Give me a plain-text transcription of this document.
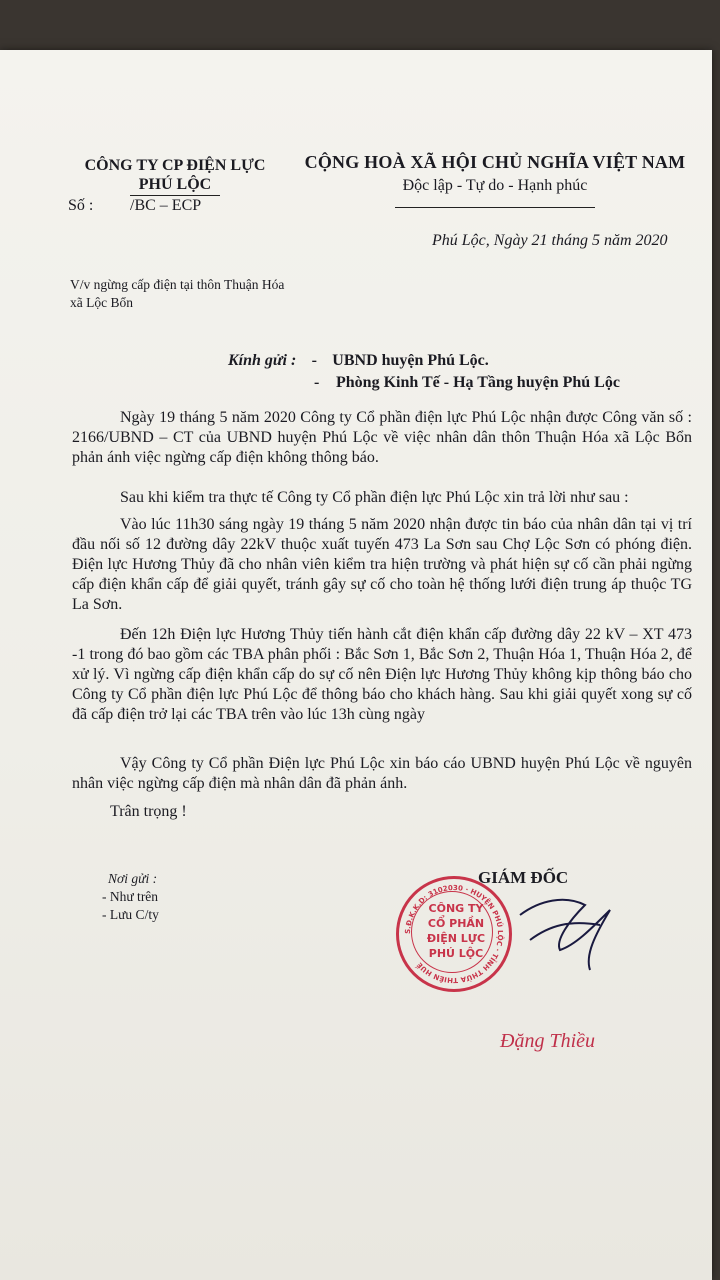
CÔNG TY CP ĐIỆN LỰC
PHÚ LỘC
Số : /BC – ECP
CỘNG HOÀ XÃ HỘI CHỦ NGHĨA VIỆT NAM
Độc lập - Tự do - Hạnh phúc
Phú Lộc, Ngày 21 tháng 5 năm 2020
V/v ngừng cấp điện tại thôn Thuận Hóa
xã Lộc Bổn
Kính gửi : - UBND huyện Phú Lộc.
- Phòng Kinh Tế - Hạ Tầng huyện Phú Lộc
Ngày 19 tháng 5 năm 2020 Công ty Cổ phần điện lực Phú Lộc nhận được Công văn số : 2166/UBND – CT của UBND huyện Phú Lộc về việc nhân dân thôn Thuận Hóa xã Lộc Bổn phản ánh việc ngừng cấp điện không thông báo.
Sau khi kiểm tra thực tế Công ty Cổ phần điện lực Phú Lộc xin trả lời như sau :
Vào lúc 11h30 sáng ngày 19 tháng 5 năm 2020 nhận được tin báo của nhân dân tại vị trí đầu nối số 12 đường dây 22kV thuộc xuất tuyến 473 La Sơn sau Chợ Lộc Sơn có phóng điện. Điện lực Hương Thủy đã cho nhân viên kiểm tra hiện trường và phát hiện sự cố cần phải ngừng cấp điện khẩn cấp để giải quyết, tránh gây sự cố cho toàn hệ thống lưới điện trung áp thuộc TG La Sơn.
Đến 12h Điện lực Hương Thủy tiến hành cắt điện khẩn cấp đường dây 22 kV – XT 473 -1 trong đó bao gồm các TBA phân phối : Bắc Sơn 1, Bắc Sơn 2, Thuận Hóa 1, Thuận Hóa 2, để xử lý. Vì ngừng cấp điện khẩn cấp do sự cố nên Điện lực Hương Thủy không kịp thông báo cho Công ty Cổ phần điện lực Phú Lộc để thông báo cho khách hàng. Sau khi giải quyết xong sự cố đã cấp điện trở lại các TBA trên vào lúc 13h cùng ngày
Vậy Công ty Cổ phần Điện lực Phú Lộc xin báo cáo UBND huyện Phú Lộc về nguyên nhân việc ngừng cấp điện mà nhân dân đã phản ánh.
Trân trọng !
Nơi gửi :
- Như trên
- Lưu C/ty
S.Đ.K.K.D: 3102030 · HUYỆN PHÚ LỘC · TỈNH THỪA THIÊN HUẾ
CÔNG TY CỔ PHẦN ĐIỆN LỰC PHÚ LỘC
GIÁM ĐỐC
Đặng Thiều
